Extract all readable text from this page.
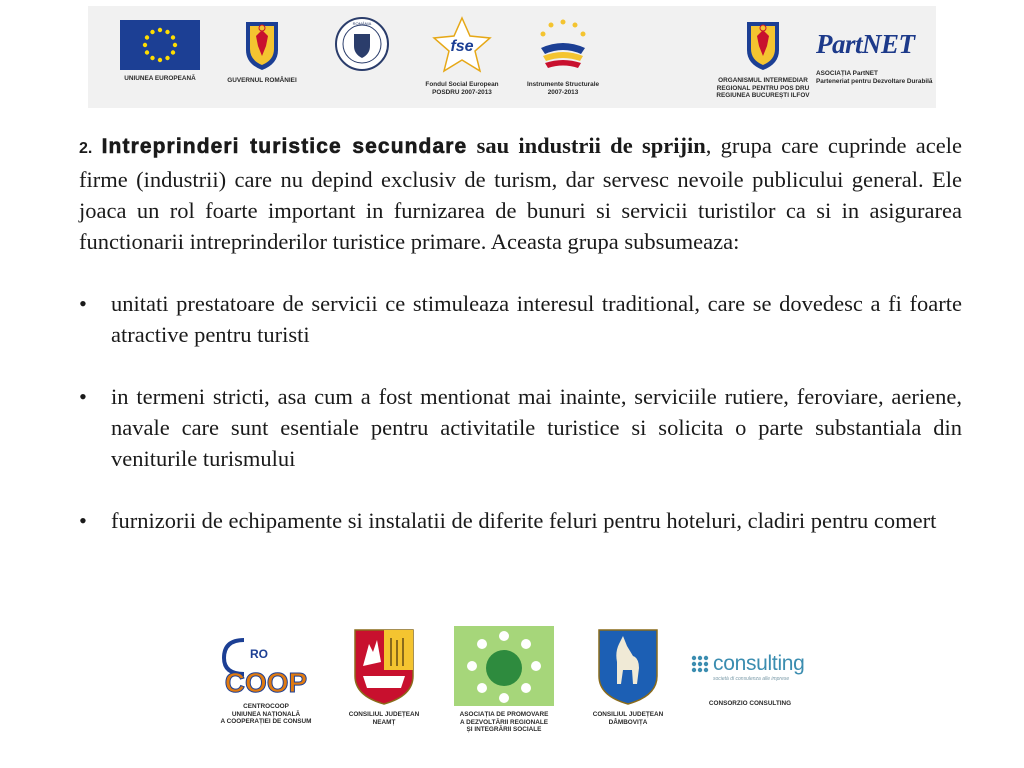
UNIUNEA EUROPEANĂ	GUVERNUL ROMÂNIEI
ROMÂNIA
fse
Fondul Social European
POSDRU 2007-2013
Instrumente Structurale
2007-2013
ORGANISMUL INTERMEDIAR
REGIONAL PENTRU POS DRU
REGIUNEA BUCUREȘTI ILFOV
PartNET
ASOCIAȚIA PartNET
Parteneriat pentru Dezvoltare Durabilă

2. Intreprinderi turistice secundare sau industrii de sprijin, grupa care cuprinde acele firme (industrii) care nu depind exclusiv de turism, dar servesc nevoile publicului general. Ele joaca un rol foarte important in furnizarea de bunuri si servicii turistilor ca si in asigurarea functionarii intreprinderilor turistice primare. Aceasta grupa subsumeaza:

• unitati prestatoare de servicii ce stimuleaza interesul traditional, care se dovedesc a fi foarte atractive pentru turisti
• in termeni stricti, asa cum a fost mentionat mai inainte, serviciile rutiere, feroviare, aeriene, navale care sunt esentiale pentru activitatile turistice si solicita o parte substantiala din veniturile turismului
• furnizorii de echipamente si instalatii de diferite feluri pentru hoteluri, cladiri pentru comert
RO
COOP
CENTROCOOP
UNIUNEA NAȚIONALĂ
A COOPERAȚIEI DE CONSUM
CONSILIUL JUDEȚEAN
NEAMȚ
ASOCIAȚIA DE PROMOVARE
A DEZVOLTĂRII REGIONALE
ȘI INTEGRĂRII SOCIALE
CONSILIUL JUDEȚEAN
DÂMBOVIȚA
consulting
società di consulenza alle imprese
CONSORZIO CONSULTING
